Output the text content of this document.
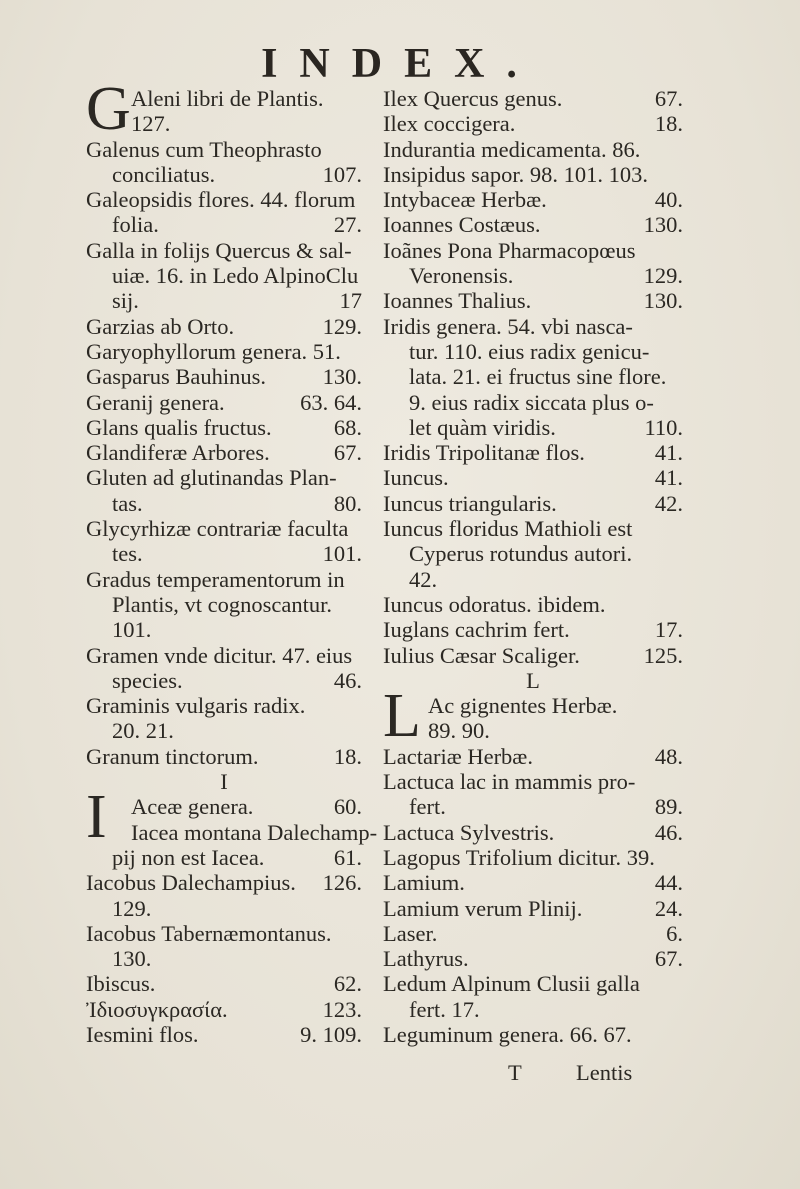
INDEX.
G Aleni libri de Plantis.
127.
Galenus cum Theophrasto
conciliatus.	107.
Galeopsidis flores. 44. florum
folia.	27.
Galla in folijs Quercus & sal-
uiæ. 16. in Ledo AlpinoClu
sij.	17
Garzias ab Orto.	129.
Garyophyllorum genera. 51.
Gasparus Bauhinus.	130.
Geranij genera.	63. 64.
Glans qualis fructus.	68.
Glandiferæ Arbores.	67.
Gluten ad glutinandas Plan-
tas.	80.
Glycyrhizæ contrariæ faculta
tes.	101.
Gradus temperamentorum in
Plantis, vt cognoscantur.
101.
Gramen vnde dicitur. 47. eius
species.	46.
Graminis vulgaris radix.
20. 21.
Granum tinctorum.	18.
I
I Aceæ genera.	60.
Iacea montana Dalechamp-
pij non est Iacea.	61.
Iacobus Dalechampius. 126.
129.
Iacobus Tabernæmontanus.
130.
Ibiscus.	62.
Ἰδιοσυγκρασία.	123.
Iesmini flos.	9. 109.
Ilex Quercus genus.	67.
Ilex coccigera.	18.
Indurantia medicamenta. 86.
Insipidus sapor. 98. 101. 103.
Intybaceæ Herbæ.	40.
Ioannes Costæus.	130.
Ioãnes Pona Pharmacopœus
Veronensis.	129.
Ioannes Thalius.	130.
Iridis genera. 54. vbi nasca-
tur. 110. eius radix genicu-
lata. 21. ei fructus sine flore.
9. eius radix siccata plus o-
let quàm viridis.	110.
Iridis Tripolitanæ flos.	41.
Iuncus.	41.
Iuncus triangularis.	42.
Iuncus floridus Mathioli est
Cyperus rotundus autori.
42.
Iuncus odoratus. ibidem.
Iuglans cachrim fert.	17.
Iulius Cæsar Scaliger.	125.
L
L Ac gignentes Herbæ.
89. 90.
Lactariæ Herbæ.	48.
Lactuca lac in mammis pro-
fert.	89.
Lactuca Sylvestris.	46.
Lagopus Trifolium dicitur. 39.
Lamium.	44.
Lamium verum Plinij.	24.
Laser.	6.
Lathyrus.	67.
Ledum Alpinum Clusii galla
fert. 17.
Leguminum genera. 66. 67.
T Lentis
